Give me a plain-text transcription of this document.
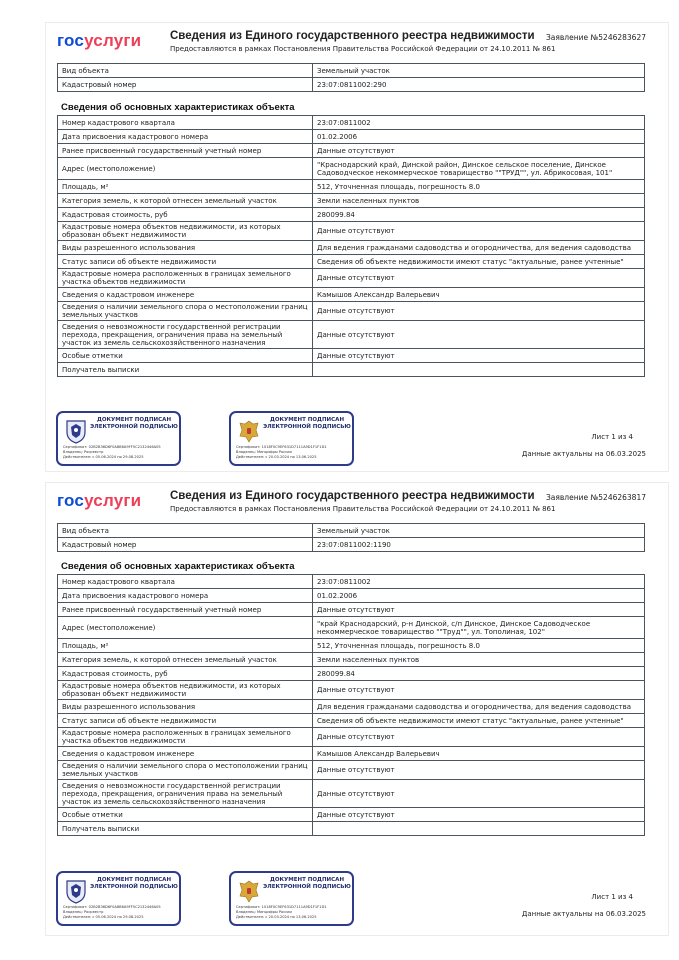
госуслуги Сведения из Единого государственного реестра недвижимости
Предоставляются в рамках Постановления Правительства Российской Федерации от 24.10.2011 № 861
Заявление №5246283627
Вид объекта	Земельный участок
Кадастровый номер	23:07:0811002:290
Сведения об основных характеристиках объекта
Номер кадастрового квартала	23:07:0811002
Дата присвоения кадастрового номера	01.02.2006
Ранее присвоенный государственный учетный номер	Данные отсутствуют
Адрес (местоположение)	"Краснодарский край, Динской район, Динское сельское поселение, Динское Садоводческое некоммерческое товарищество ""ТРУД"", ул. Абрикосовая, 101"
Площадь, м²	512, Уточненная площадь, погрешность 8.0
Категория земель, к которой отнесен земельный участок	Земли населенных пунктов
Кадастровая стоимость, руб	280099.84
Кадастровые номера объектов недвижимости, из которых образован объект недвижимости	Данные отсутствуют
Виды разрешенного использования	Для ведения гражданами садоводства и огородничества, для ведения садоводства
Статус записи об объекте недвижимости	Сведения об объекте недвижимости имеют статус "актуальные, ранее учтенные"
Кадастровые номера расположенных в границах земельного участка объектов недвижимости	Данные отсутствуют
Сведения о кадастровом инженере	Камышов Александр Валерьевич
Сведения о наличии земельного спора о местоположении границ земельных участков	Данные отсутствуют
Сведения о невозможности государственной регистрации перехода, прекращения, ограничения права на земельный участок из земель сельскохозяйственного назначения	Данные отсутствуют
Особые отметки	Данные отсутствуют
Получатель выписки	
ДОКУМЕНТ ПОДПИСАН ЭЛЕКТРОННОЙ ПОДПИСЬЮ
Сертификат: 02B2B36D6F0A8B6A9FF5C2132446A05
Владелец: Росреестр
Действителен: с 05.06.2024 по 29.08.2025
ДОКУМЕНТ ПОДПИСАН ЭЛЕКТРОННОЙ ПОДПИСЬЮ
Сертификат: 1018F0C9EF631D7111A9D1F1F1D1
Владелец: Минцифры России
Действителен: с 20.03.2024 по 13.06.2025
Лист 1 из 4
Данные актуальны на 06.03.2025
госуслуги Сведения из Единого государственного реестра недвижимости
Предоставляются в рамках Постановления Правительства Российской Федерации от 24.10.2011 № 861
Заявление №5246263817
Вид объекта	Земельный участок
Кадастровый номер	23:07:0811002:1190
Сведения об основных характеристиках объекта
Номер кадастрового квартала	23:07:0811002
Дата присвоения кадастрового номера	01.02.2006
Ранее присвоенный государственный учетный номер	Данные отсутствуют
Адрес (местоположение)	"край Краснодарский, р-н Динской, с/п Динское, Динское Садоводческое некоммерческое товарищество ""Труд"", ул. Тополиная, 102"
Площадь, м²	512, Уточненная площадь, погрешность 8.0
Категория земель, к которой отнесен земельный участок	Земли населенных пунктов
Кадастровая стоимость, руб	280099.84
Кадастровые номера объектов недвижимости, из которых образован объект недвижимости	Данные отсутствуют
Виды разрешенного использования	Для ведения гражданами садоводства и огородничества, для ведения садоводства
Статус записи об объекте недвижимости	Сведения об объекте недвижимости имеют статус "актуальные, ранее учтенные"
Кадастровые номера расположенных в границах земельного участка объектов недвижимости	Данные отсутствуют
Сведения о кадастровом инженере	Камышов Александр Валерьевич
Сведения о наличии земельного спора о местоположении границ земельных участков	Данные отсутствуют
Сведения о невозможности государственной регистрации перехода, прекращения, ограничения права на земельный участок из земель сельскохозяйственного назначения	Данные отсутствуют
Особые отметки	Данные отсутствуют
Получатель выписки	
ДОКУМЕНТ ПОДПИСАН ЭЛЕКТРОННОЙ ПОДПИСЬЮ
Сертификат: 02B2B36D6F0A8B6A9FF5C2132446A05
Владелец: Росреестр
Действителен: с 05.06.2024 по 29.08.2025
ДОКУМЕНТ ПОДПИСАН ЭЛЕКТРОННОЙ ПОДПИСЬЮ
Сертификат: 1018F0C9EF631D7111A9D1F1F1D1
Владелец: Минцифры России
Действителен: с 20.03.2024 по 13.06.2025
Лист 1 из 4
Данные актуальны на 06.03.2025
